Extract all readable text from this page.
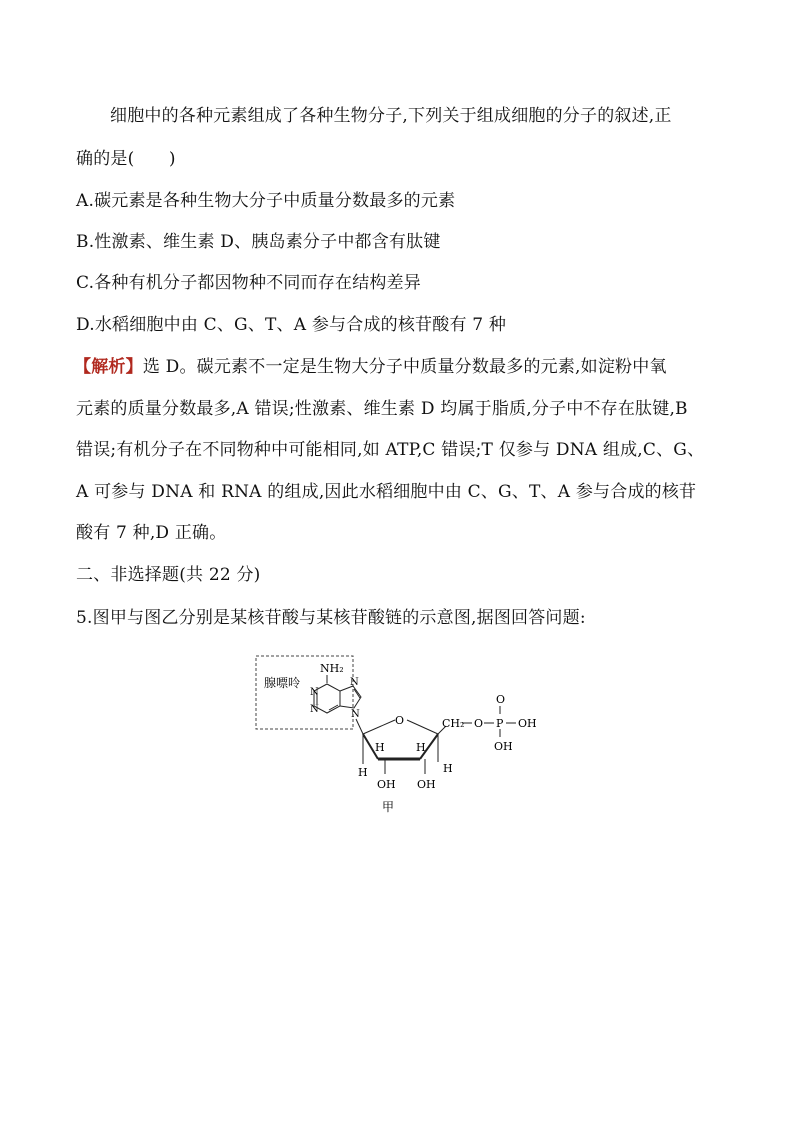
细胞中的各种元素组成了各种生物分子,下列关于组成细胞的分子的叙述,正
确的是(　　)
A.碳元素是各种生物大分子中质量分数最多的元素
B.性激素、维生素 D、胰岛素分子中都含有肽键
C.各种有机分子都因物种不同而存在结构差异
D.水稻细胞中由 C、G、T、A 参与合成的核苷酸有 7 种
【解析】选 D。碳元素不一定是生物大分子中质量分数最多的元素,如淀粉中氧
元素的质量分数最多,A 错误;性激素、维生素 D 均属于脂质,分子中不存在肽键,B
错误;有机分子在不同物种中可能相同,如 ATP,C 错误;T 仅参与 DNA 组成,C、G、
A 可参与 DNA 和 RNA 的组成,因此水稻细胞中由 C、G、T、A 参与合成的核苷
酸有 7 种,D 正确。
二、非选择题(共 22 分)
5.图甲与图乙分别是某核苷酸与某核苷酸链的示意图,据图回答问题:
腺嘌呤
NH₂
N
N
N
N	O
H
H	H
H
OH OH
CH₂ O P
O
OH
OH
甲
